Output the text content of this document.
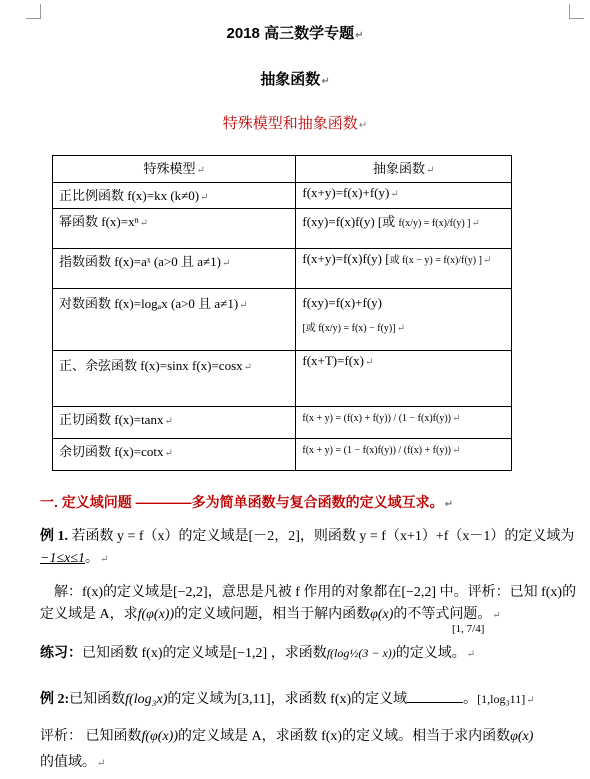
2018 高三数学专题↵
抽象函数↵
特殊模型和抽象函数↵
特殊模型↵	抽象函数↵
正比例函数 f(x)=kx (k≠0)↵	f(x+y)=f(x)+f(y)↵
幂函数 f(x)=xⁿ↵	f(xy)=f(x)f(y) [或 f(x/y) = f(x)/f(y) ]↵
指数函数 f(x)=aˣ (a>0 且 a≠1)↵	f(x+y)=f(x)f(y) [或 f(x − y) = f(x)/f(y) ]↵
对数函数 f(x)=logₐx (a>0 且 a≠1)↵	f(xy)=f(x)+f(y)
[或 f(x/y) = f(x) − f(y)]↵
正、余弦函数 f(x)=sinx f(x)=cosx↵	f(x+T)=f(x)↵
正切函数 f(x)=tanx↵	f(x + y) = (f(x) + f(y)) / (1 − f(x)f(y))↵
余切函数 f(x)=cotx↵	f(x + y) = (1 − f(x)f(y)) / (f(x) + f(y))↵
一. 定义域问题 ————多为简单函数与复合函数的定义域互求。↵
例 1. 若函数 y = f（x）的定义域是[－2，2]，则函数 y = f（x+1）+f（x－1）的定义域为−1≤x≤1。↵
解：f(x)的定义域是[−2,2]，意思是凡被 f 作用的对象都在[−2,2] 中。评析：已知 f(x)的定义域是 A，求f(φ(x))的定义域问题，相当于解内函数φ(x)的不等式问题。↵
[1, 7/4]
练习：已知函数 f(x)的定义域是[−1,2] ，求函数f(log½(3 − x))的定义域。↵
例 2:已知函数f(log₃x)的定义域为[3,11]，求函数 f(x)的定义域	。[1,log₃11]↵
评析： 已知函数f(φ(x))的定义域是 A，求函数 f(x)的定义域。相当于求内函数φ(x)
的值域。↵
